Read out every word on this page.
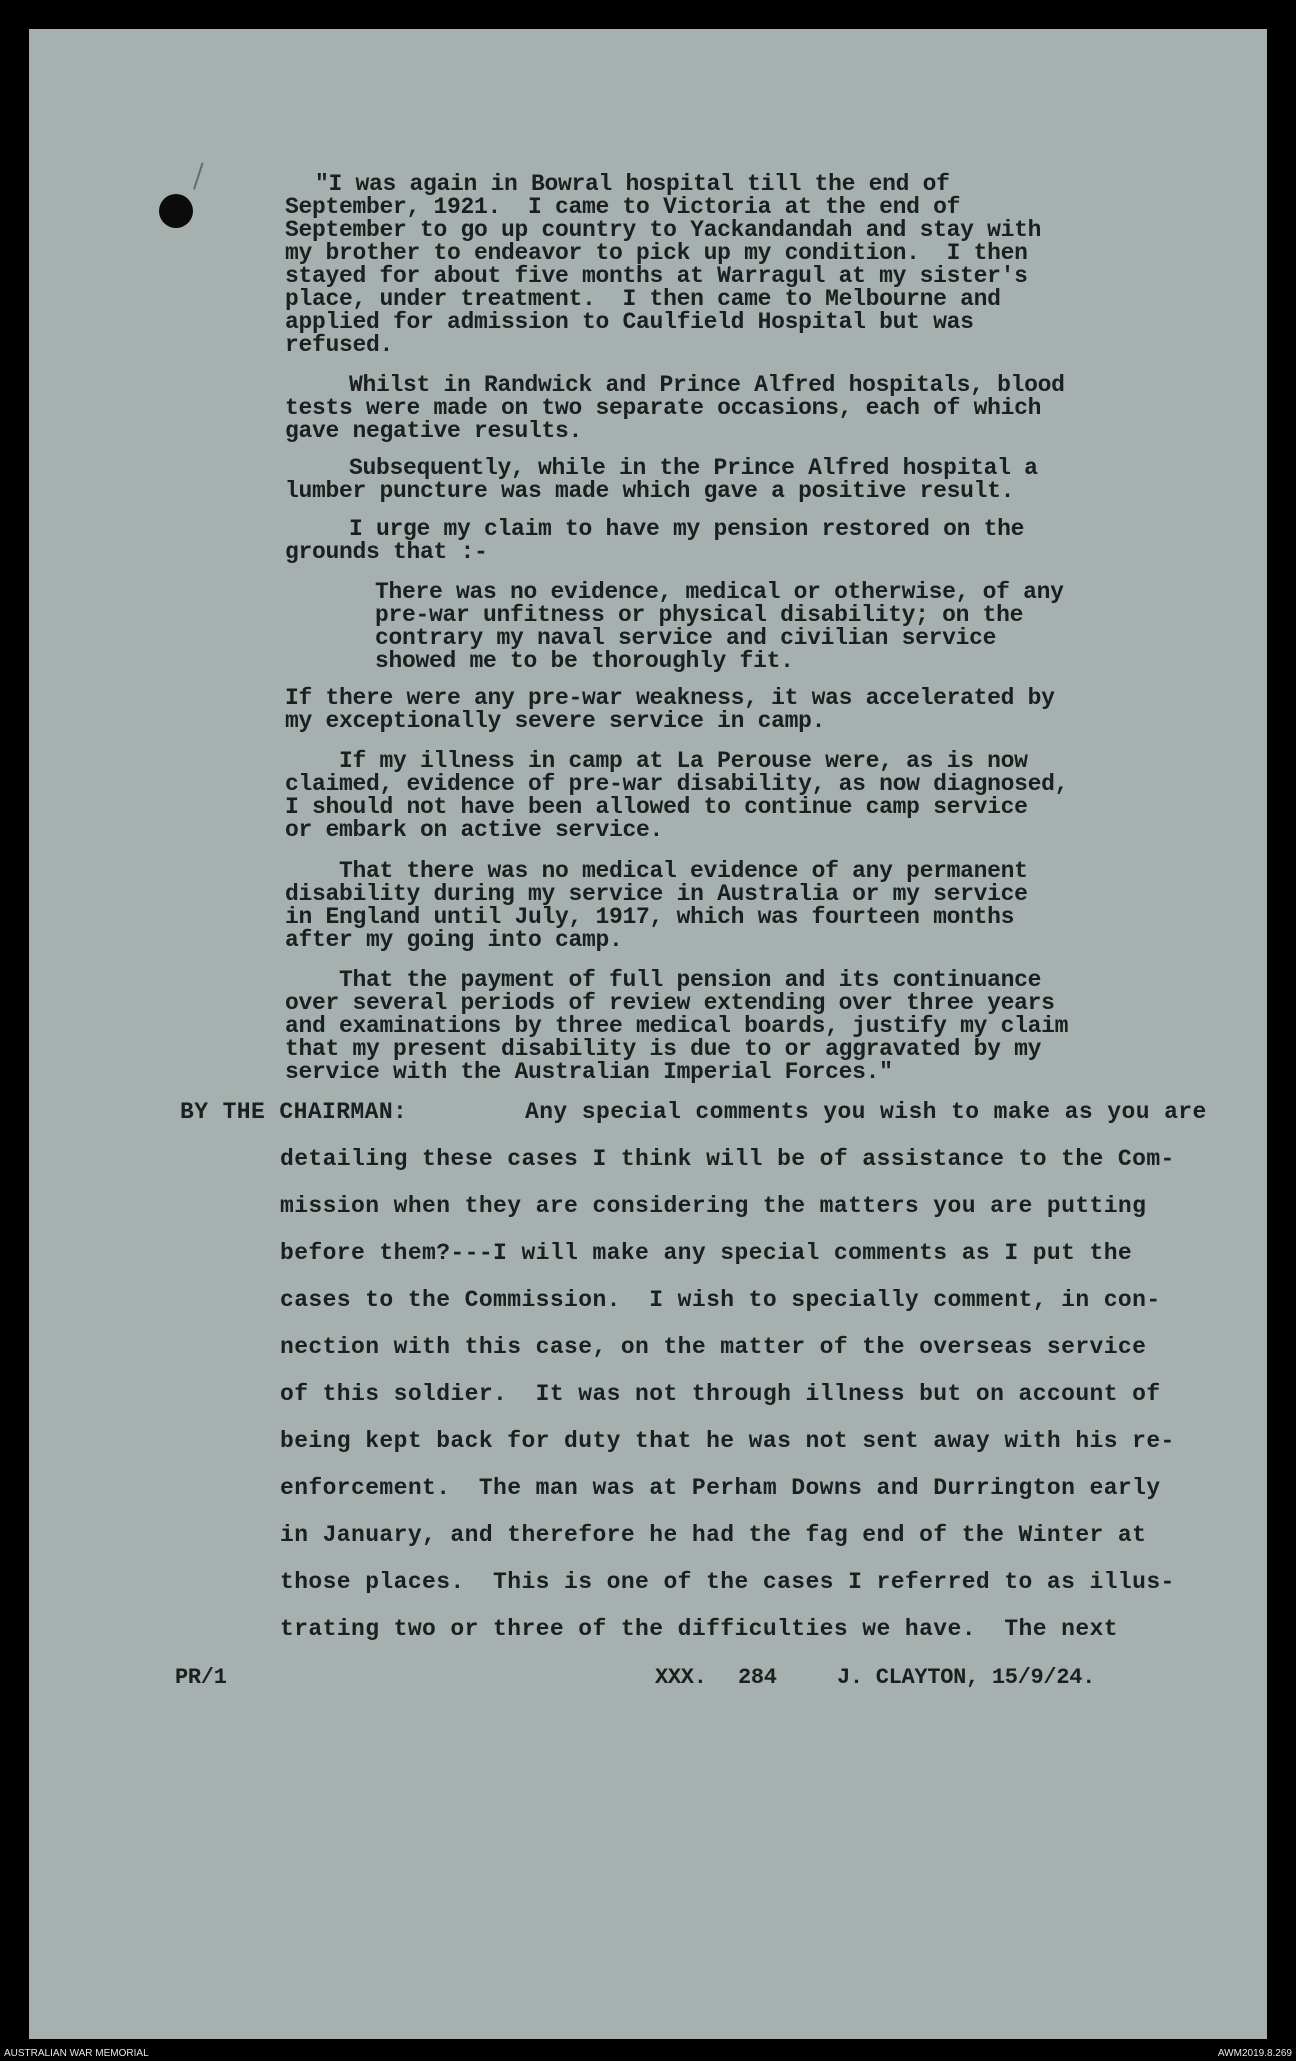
"I was again in Bowral hospital till the end of
September, 1921.  I came to Victoria at the end of
September to go up country to Yackandandah and stay with
my brother to endeavor to pick up my condition.  I then
stayed for about five months at Warragul at my sister's
place, under treatment.  I then came to Melbourne and
applied for admission to Caulfield Hospital but was
refused.
Whilst in Randwick and Prince Alfred hospitals, blood
tests were made on two separate occasions, each of which
gave negative results.
Subsequently, while in the Prince Alfred hospital a
lumber puncture was made which gave a positive result.
I urge my claim to have my pension restored on the
grounds that :-
There was no evidence, medical or otherwise, of any
pre-war unfitness or physical disability; on the
contrary my naval service and civilian service
showed me to be thoroughly fit.
If there were any pre-war weakness, it was accelerated by
my exceptionally severe service in camp.
If my illness in camp at La Perouse were, as is now
claimed, evidence of pre-war disability, as now diagnosed,
I should not have been allowed to continue camp service
or embark on active service.
That there was no medical evidence of any permanent
disability during my service in Australia or my service
in England until July, 1917, which was fourteen months
after my going into camp.
That the payment of full pension and its continuance
over several periods of review extending over three years
and examinations by three medical boards, justify my claim
that my present disability is due to or aggravated by my
service with the Australian Imperial Forces."
BY THE CHAIRMAN:	Any special comments you wish to make as you are
detailing these cases I think will be of assistance to the Com-
mission when they are considering the matters you are putting
before them?---I will make any special comments as I put the
cases to the Commission.  I wish to specially comment, in con-
nection with this case, on the matter of the overseas service
of this soldier.  It was not through illness but on account of
being kept back for duty that he was not sent away with his re-
enforcement.  The man was at Perham Downs and Durrington early
in January, and therefore he had the fag end of the Winter at
those places.  This is one of the cases I referred to as illus-
trating two or three of the difficulties we have.  The next
PR/1	XXX. 284	J. CLAYTON, 15/9/24.
AUSTRALIAN WAR MEMORIAL	AWM2019.8.269
